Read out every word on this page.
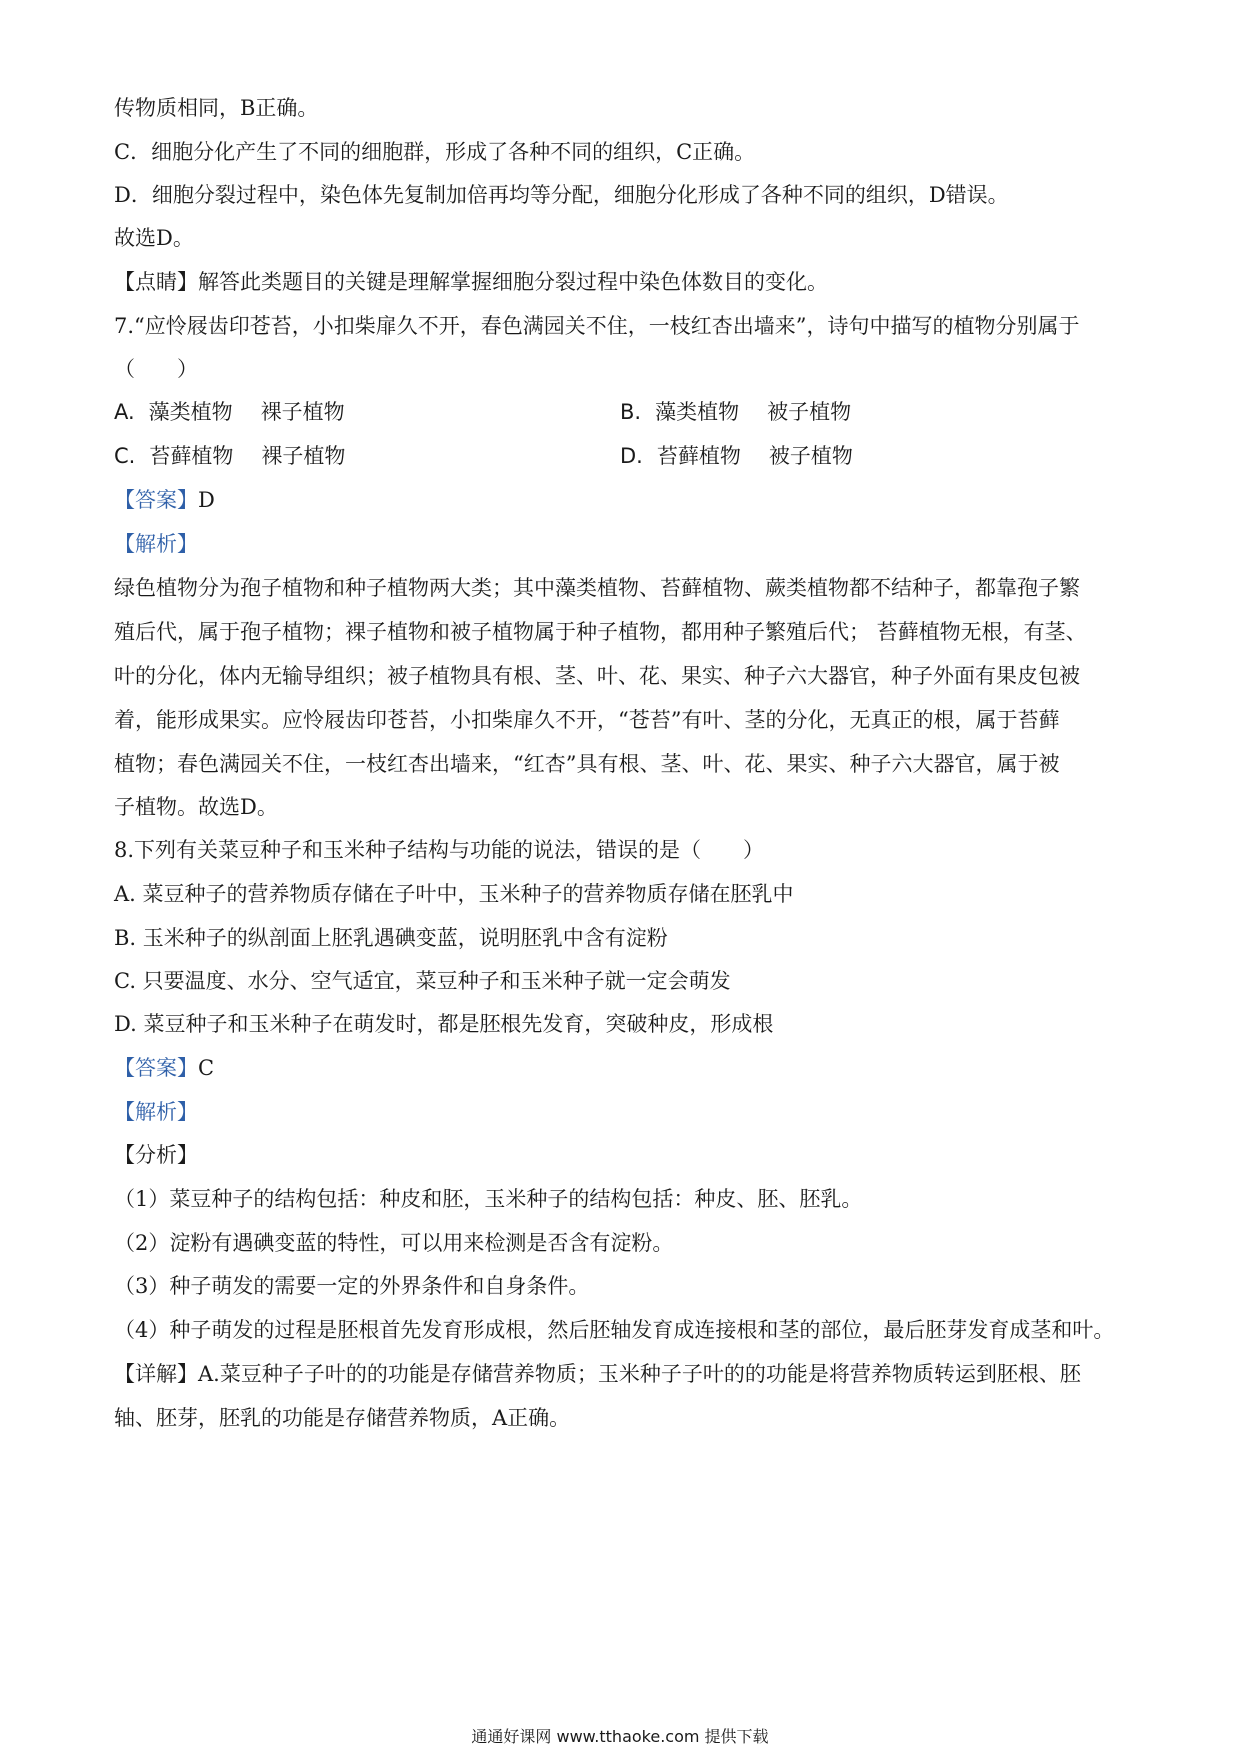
传物质相同，B正确。
C．细胞分化产生了不同的细胞群，形成了各种不同的组织，C正确。
D．细胞分裂过程中，染色体先复制加倍再均等分配，细胞分化形成了各种不同的组织，D错误。
故选D。
【点睛】解答此类题目的关键是理解掌握细胞分裂过程中染色体数目的变化。
7.“应怜屐齿印苍苔，小扣柴扉久不开，春色满园关不住，一枝红杏出墙来”，诗句中描写的植物分别属于
（　　）
A. 藻类植物 裸子植物	B. 藻类植物 被子植物
C. 苔藓植物 裸子植物	D. 苔藓植物 被子植物
【答案】D
【解析】
绿色植物分为孢子植物和种子植物两大类；其中藻类植物、苔藓植物、蕨类植物都不结种子，都靠孢子繁
殖后代，属于孢子植物；裸子植物和被子植物属于种子植物，都用种子繁殖后代； 苔藓植物无根，有茎、
叶的分化，体内无输导组织；被子植物具有根、茎、叶、花、果实、种子六大器官，种子外面有果皮包被
着，能形成果实。应怜屐齿印苍苔，小扣柴扉久不开，“苍苔”有叶、茎的分化，无真正的根，属于苔藓
植物；春色满园关不住，一枝红杏出墙来，“红杏”具有根、茎、叶、花、果实、种子六大器官，属于被
子植物。故选D。
8.下列有关菜豆种子和玉米种子结构与功能的说法，错误的是（　　）
A. 菜豆种子的营养物质存储在子叶中，玉米种子的营养物质存储在胚乳中
B. 玉米种子的纵剖面上胚乳遇碘变蓝，说明胚乳中含有淀粉
C. 只要温度、水分、空气适宜，菜豆种子和玉米种子就一定会萌发
D. 菜豆种子和玉米种子在萌发时，都是胚根先发育，突破种皮，形成根
【答案】C
【解析】
【分析】
（1）菜豆种子的结构包括：种皮和胚，玉米种子的结构包括：种皮、胚、胚乳。
（2）淀粉有遇碘变蓝的特性，可以用来检测是否含有淀粉。
（3）种子萌发的需要一定的外界条件和自身条件。
（4）种子萌发的过程是胚根首先发育形成根，然后胚轴发育成连接根和茎的部位，最后胚芽发育成茎和叶。
【详解】A.菜豆种子子叶的的功能是存储营养物质；玉米种子子叶的的功能是将营养物质转运到胚根、胚
轴、胚芽，胚乳的功能是存储营养物质，A正确。
通通好课网 www.tthaoke.com 提供下载
